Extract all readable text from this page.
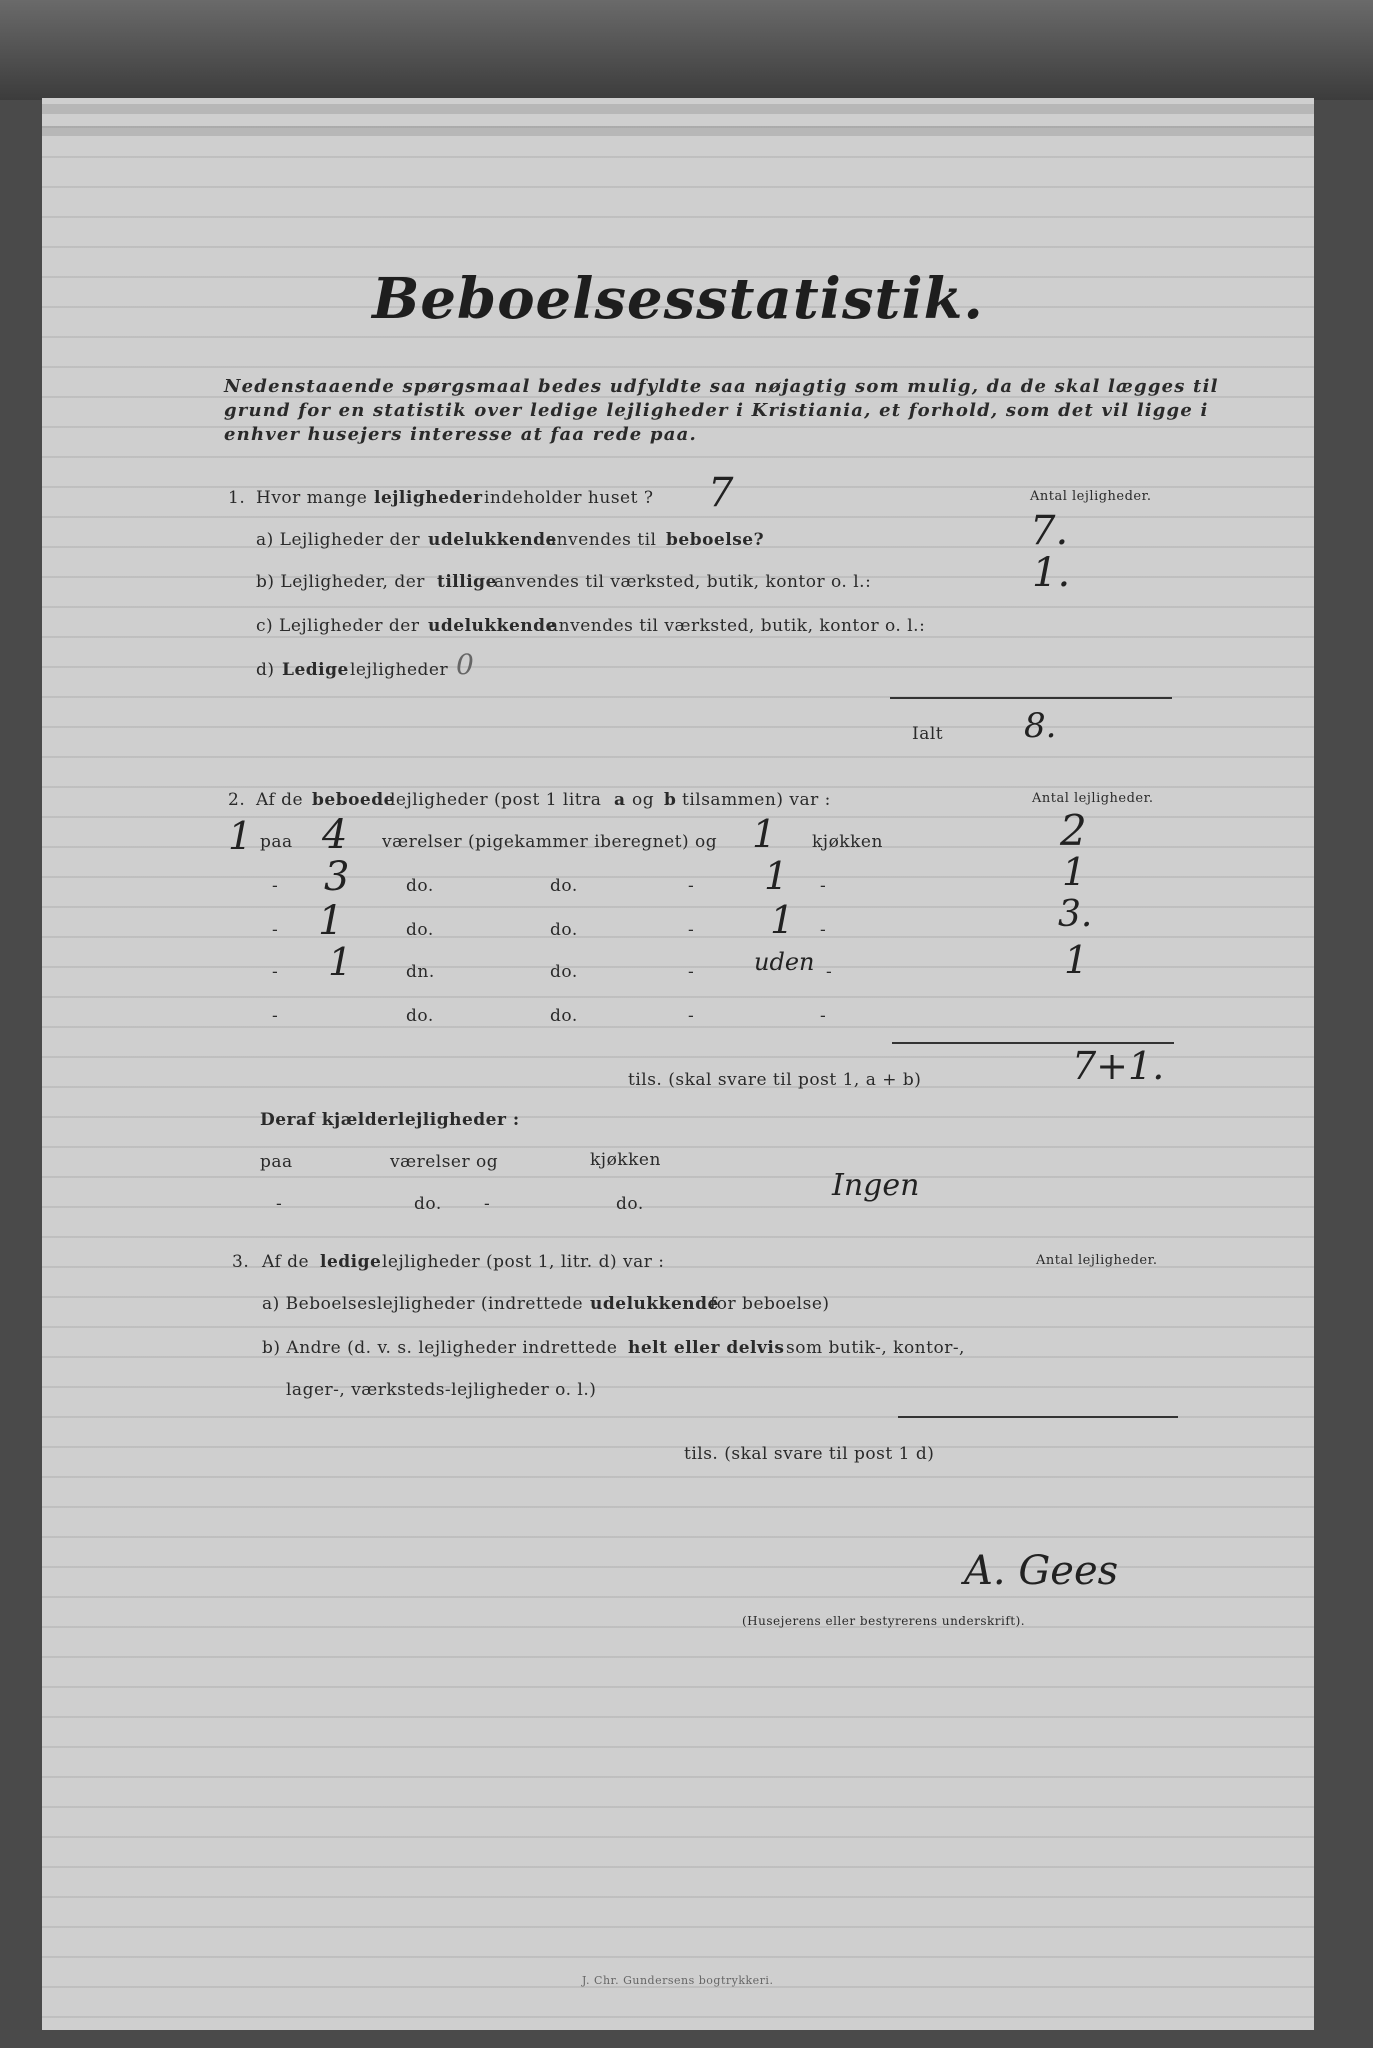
Beboelsesstatistik.
Nedenstaaende spørgsmaal bedes udfyldte saa nøjagtig som mulig, da de skal lægges til grund for en statistik over ledige lejligheder i Kristiania, et forhold, som det vil ligge i enhver husejers interesse at faa rede paa.
1. Hvor mange lejligheder indeholder huset ? 7	Antal lejligheder.
a) Lejligheder der udelukkende
anvendes til beboelse?	7.
b) Lejligheder, der tillige
anvendes til værksted, butik, kontor o. l.:	1.
c) Lejligheder der udelukkende
anvendes til værksted, butik, kontor o. l.:
d) Ledige lejligheder 0
Ialt 8.
2. Af de beboede
lejligheder (post 1 litra a og b tilsammen) var :	Antal lejligheder.
1 paa 4 værelser (pigekammer iberegnet) og 1 kjøkken	2
- 3	do.	do.	- 1 -	1
- 1	do.	do.	- 1 -	3.
- 1	dn.	do.	- uden -	1
-	do.	do.	-	-
tils. (skal svare til post 1, a + b)	7+1.
Deraf kjælderlejligheder :
paa	værelser og	kjøkken
-	do. -	do.
Ingen
3. Af de ledige lejligheder (post 1, litr. d) var :	Antal lejligheder.
a) Beboelseslejligheder (indrettede udelukkende
for beboelse)
b) Andre (d. v. s. lejligheder indrettede helt eller delvis som butik-, kontor-,
lager-, værksteds-lejligheder o. l.)
tils. (skal svare til post 1 d)
A. Gees
(Husejerens eller bestyrerens underskrift).
J. Chr. Gundersens bogtrykkeri.
